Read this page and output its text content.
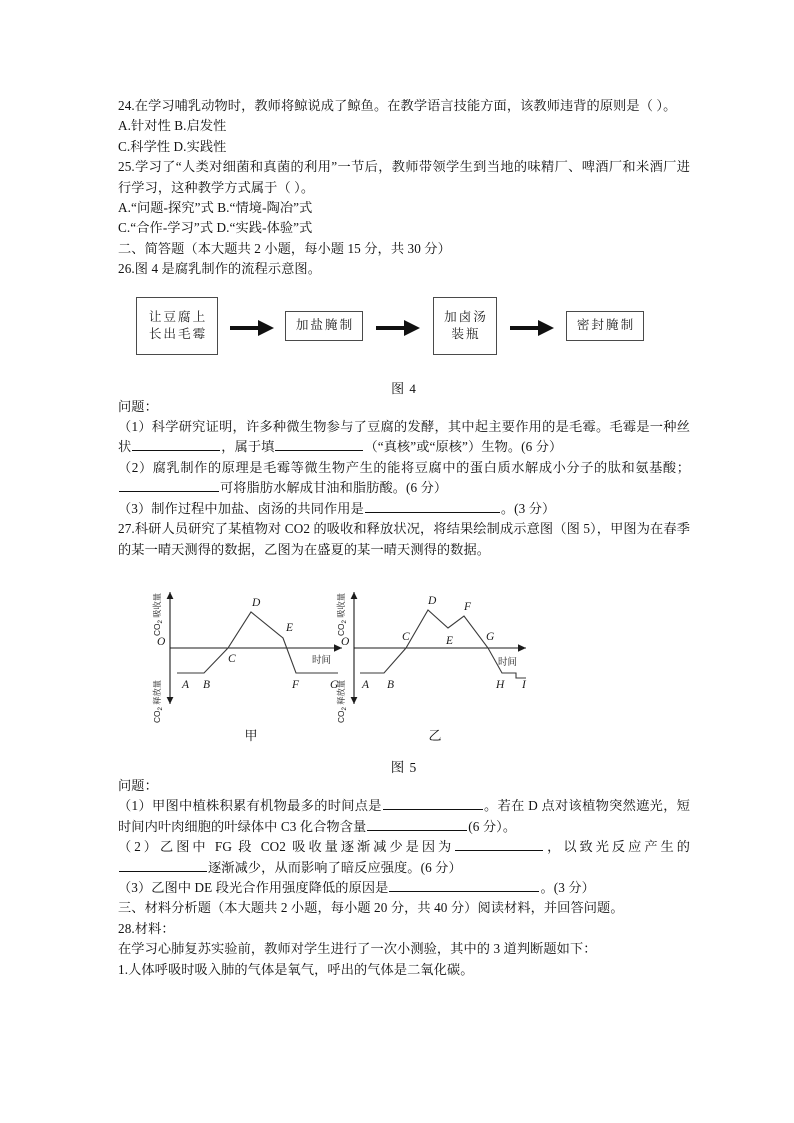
24.在学习哺乳动物时，教师将鲸说成了鲸鱼。在教学语言技能方面，该教师违背的原则是（ ）。
A.针对性 B.启发性
C.科学性 D.实践性
25.学习了“人类对细菌和真菌的利用”一节后，教师带领学生到当地的味精厂、啤酒厂和米酒厂进行学习，这种教学方式属于（ ）。
A.“问题-探究”式 B.“情境-陶冶”式
C.“合作-学习”式 D.“实践-体验”式
二、简答题（本大题共 2 小题，每小题 15 分，共 30 分）
26.图 4 是腐乳制作的流程示意图。
让豆腐上
长出毛霉
加盐腌制
加卤汤
装瓶
密封腌制
图 4
问题：
（1）科学研究证明，许多种微生物参与了豆腐的发酵，其中起主要作用的是毛霉。毛霉是一种丝状	，属于填	（“真核”或“原核”）生物。(6 分）
（2）腐乳制作的原理是毛霉等微生物产生的能将豆腐中的蛋白质水解成小分子的肽和氨基酸；可将脂肪水解成甘油和脂肪酸。(6 分）
（3）制作过程中加盐、卤汤的共同作用是	。(3 分）
27.科研人员研究了某植物对 CO2 的吸收和释放状况，将结果绘制成示意图（图 5），甲图为在春季的某一晴天测得的数据，乙图为在盛夏的某一晴天测得的数据。
O
A B
C
D
E
F	G
时间
$CO_2$ 吸收量
$CO_2$ 释放量
甲
O
A B
C
D
E
F
G
H I
时间
$CO_2$ 吸收量
$CO_2$ 释放量
乙
图 5
问题：
（1）甲图中植株积累有机物最多的时间点是	。若在 D 点对该植物突然遮光，短时间内叶肉细胞的叶绿体中 C3 化合物含量	(6 分）。
（2）乙图中 FG 段 CO2 吸收量逐渐减少是因为	，以致光反应产生的逐渐减少，从而影响了暗反应强度。(6 分）
（3）乙图中 DE 段光合作用强度降低的原因是	。(3 分）
三、材料分析题（本大题共 2 小题，每小题 20 分，共 40 分）阅读材料，并回答问题。
28.材料：
在学习心肺复苏实验前，教师对学生进行了一次小测验，其中的 3 道判断题如下：
1.人体呼吸时吸入肺的气体是氧气，呼出的气体是二氧化碳。
